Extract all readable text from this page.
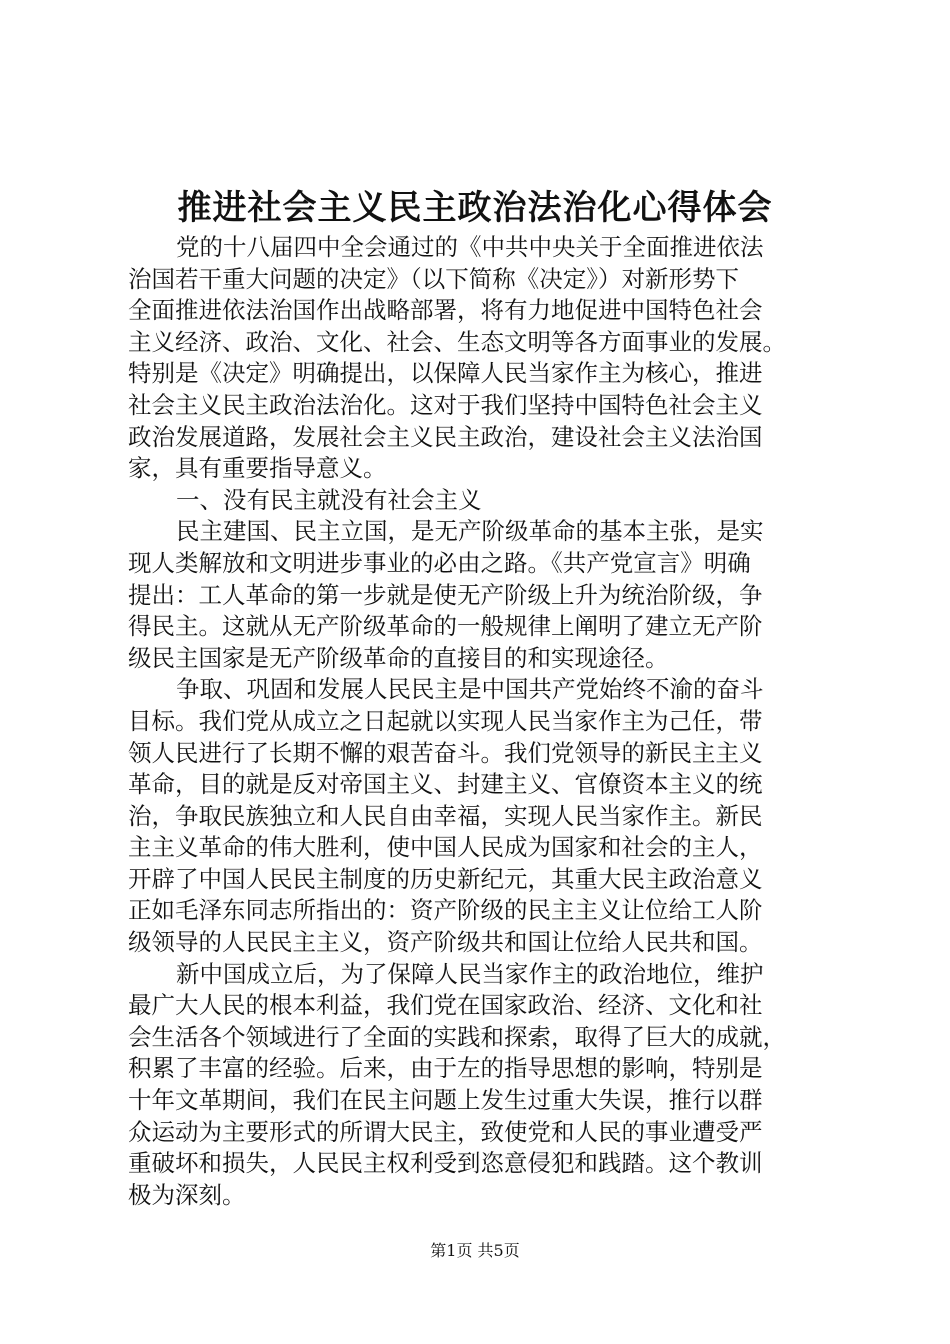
推进社会主义民主政治法治化心得体会
党的十八届四中全会通过的《中共中央关于全面推进依法
治国若干重大问题的决定》（以下简称《决定》）对新形势下
全面推进依法治国作出战略部署，将有力地促进中国特色社会
主义经济、政治、文化、社会、生态文明等各方面事业的发展。
特别是《决定》明确提出，以保障人民当家作主为核心，推进
社会主义民主政治法治化。这对于我们坚持中国特色社会主义
政治发展道路，发展社会主义民主政治，建设社会主义法治国
家，具有重要指导意义。
一、没有民主就没有社会主义
民主建国、民主立国，是无产阶级革命的基本主张，是实
现人类解放和文明进步事业的必由之路。《共产党宣言》明确
提出：工人革命的第一步就是使无产阶级上升为统治阶级，争
得民主。这就从无产阶级革命的一般规律上阐明了建立无产阶
级民主国家是无产阶级革命的直接目的和实现途径。
争取、巩固和发展人民民主是中国共产党始终不渝的奋斗
目标。我们党从成立之日起就以实现人民当家作主为己任，带
领人民进行了长期不懈的艰苦奋斗。我们党领导的新民主主义
革命，目的就是反对帝国主义、封建主义、官僚资本主义的统
治，争取民族独立和人民自由幸福，实现人民当家作主。新民
主主义革命的伟大胜利，使中国人民成为国家和社会的主人，
开辟了中国人民民主制度的历史新纪元，其重大民主政治意义
正如毛泽东同志所指出的：资产阶级的民主主义让位给工人阶
级领导的人民民主主义，资产阶级共和国让位给人民共和国。
新中国成立后，为了保障人民当家作主的政治地位，维护
最广大人民的根本利益，我们党在国家政治、经济、文化和社
会生活各个领域进行了全面的实践和探索，取得了巨大的成就，
积累了丰富的经验。后来，由于左的指导思想的影响，特别是
十年文革期间，我们在民主问题上发生过重大失误，推行以群
众运动为主要形式的所谓大民主，致使党和人民的事业遭受严
重破坏和损失，人民民主权利受到恣意侵犯和践踏。这个教训
极为深刻。
第1页 共5页
